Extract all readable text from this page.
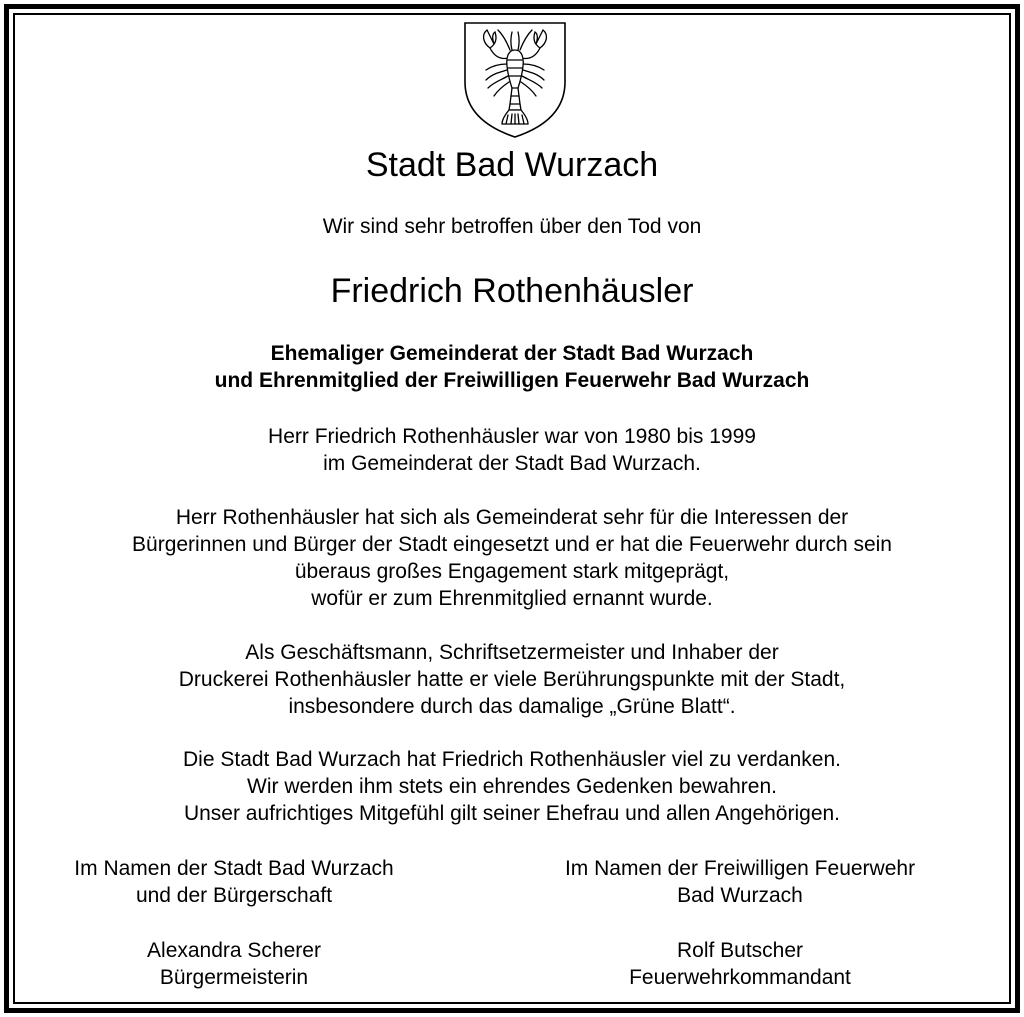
Stadt Bad Wurzach
Wir sind sehr betroffen über den Tod von
Friedrich Rothenhäusler
Ehemaliger Gemeinderat der Stadt Bad Wurzach
und Ehrenmitglied der Freiwilligen Feuerwehr Bad Wurzach
Herr Friedrich Rothenhäusler war von 1980 bis 1999
im Gemeinderat der Stadt Bad Wurzach.
Herr Rothenhäusler hat sich als Gemeinderat sehr für die Interessen der
Bürgerinnen und Bürger der Stadt eingesetzt und er hat die Feuerwehr durch sein
überaus großes Engagement stark mitgeprägt,
wofür er zum Ehrenmitglied ernannt wurde.
Als Geschäftsmann, Schriftsetzermeister und Inhaber der
Druckerei Rothenhäusler hatte er viele Berührungspunkte mit der Stadt,
insbesondere durch das damalige „Grüne Blatt“.
Die Stadt Bad Wurzach hat Friedrich Rothenhäusler viel zu verdanken.
Wir werden ihm stets ein ehrendes Gedenken bewahren.
Unser aufrichtiges Mitgefühl gilt seiner Ehefrau und allen Angehörigen.
Im Namen der Stadt Bad Wurzach
und der Bürgerschaft
Alexandra Scherer
Bürgermeisterin
Im Namen der Freiwilligen Feuerwehr
Bad Wurzach
Rolf Butscher
Feuerwehrkommandant
